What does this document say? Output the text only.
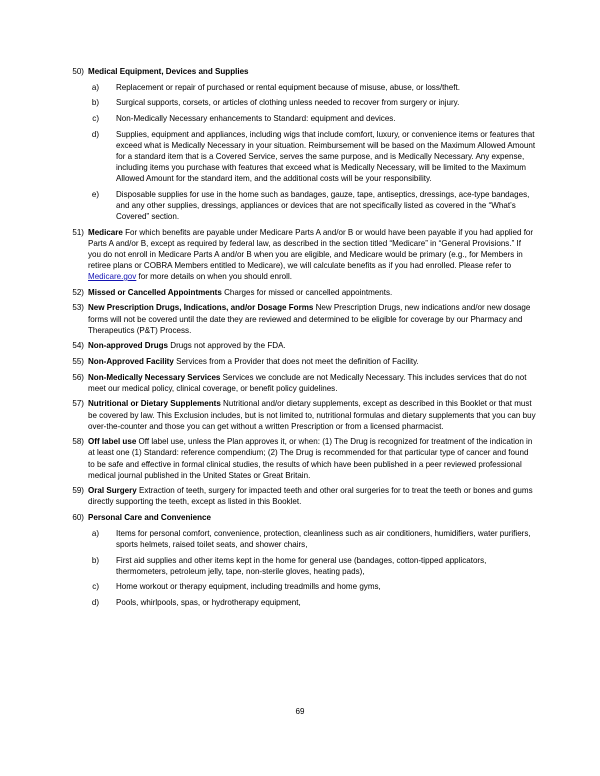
50) Medical Equipment, Devices and Supplies
a) Replacement or repair of purchased or rental equipment because of misuse, abuse, or loss/theft.
b) Surgical supports, corsets, or articles of clothing unless needed to recover from surgery or injury.
c) Non-Medically Necessary enhancements to Standard: equipment and devices.
d) Supplies, equipment and appliances, including wigs that include comfort, luxury, or convenience items or features that exceed what is Medically Necessary in your situation. Reimbursement will be based on the Maximum Allowed Amount for a standard item that is a Covered Service, serves the same purpose, and is Medically Necessary. Any expense, including items you purchase with features that exceed what is Medically Necessary, will be limited to the Maximum Allowed Amount for the standard item, and the additional costs will be your responsibility.
e) Disposable supplies for use in the home such as bandages, gauze, tape, antiseptics, dressings, ace-type bandages, and any other supplies, dressings, appliances or devices that are not specifically listed as covered in the “What’s Covered” section.
51) Medicare For which benefits are payable under Medicare Parts A and/or B or would have been payable if you had applied for Parts A and/or B, except as required by federal law, as described in the section titled “Medicare” in “General Provisions.” If you do not enroll in Medicare Parts A and/or B when you are eligible, and Medicare would be primary (e.g., for Members in retiree plans or COBRA Members entitled to Medicare), we will calculate benefits as if you had enrolled. Please refer to Medicare.gov for more details on when you should enroll.
52) Missed or Cancelled Appointments Charges for missed or cancelled appointments.
53) New Prescription Drugs, Indications, and/or Dosage Forms New Prescription Drugs, new indications and/or new dosage forms will not be covered until the date they are reviewed and determined to be eligible for coverage by our Pharmacy and Therapeutics (P&T) Process.
54) Non-approved Drugs Drugs not approved by the FDA.
55) Non-Approved Facility Services from a Provider that does not meet the definition of Facility.
56) Non-Medically Necessary Services Services we conclude are not Medically Necessary. This includes services that do not meet our medical policy, clinical coverage, or benefit policy guidelines.
57) Nutritional or Dietary Supplements Nutritional and/or dietary supplements, except as described in this Booklet or that must be covered by law. This Exclusion includes, but is not limited to, nutritional formulas and dietary supplements that you can buy over-the-counter and those you can get without a written Prescription or from a licensed pharmacist.
58) Off label use Off label use, unless the Plan approves it, or when: (1) The Drug is recognized for treatment of the indication in at least one (1) Standard: reference compendium; (2) The Drug is recommended for that particular type of cancer and found to be safe and effective in formal clinical studies, the results of which have been published in a peer reviewed professional medical journal published in the United States or Great Britain.
59) Oral Surgery Extraction of teeth, surgery for impacted teeth and other oral surgeries for to treat the teeth or bones and gums directly supporting the teeth, except as listed in this Booklet.
60) Personal Care and Convenience
a) Items for personal comfort, convenience, protection, cleanliness such as air conditioners, humidifiers, water purifiers, sports helmets, raised toilet seats, and shower chairs,
b) First aid supplies and other items kept in the home for general use (bandages, cotton-tipped applicators, thermometers, petroleum jelly, tape, non-sterile gloves, heating pads),
c) Home workout or therapy equipment, including treadmills and home gyms,
d) Pools, whirlpools, spas, or hydrotherapy equipment,
69
